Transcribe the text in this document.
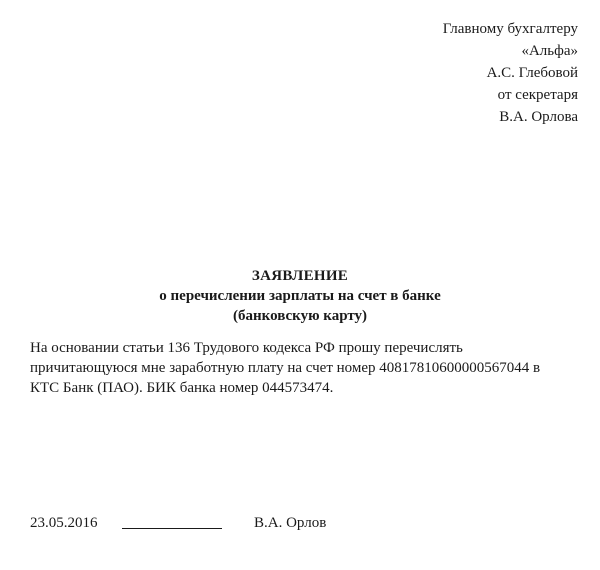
Главному бухгалтеру
«Альфа»
А.С. Глебовой
от секретаря
В.А. Орлова
ЗАЯВЛЕНИЕ
о перечислении зарплаты на счет в банке
(банковскую карту)
На основании статьи 136 Трудового кодекса РФ прошу перечислять
причитающуюся мне заработную плату на счет номер 40817810600000567044 в
КТС Банк (ПАО). БИК банка номер 044573474.
23.05.2016	В.А. Орлов
